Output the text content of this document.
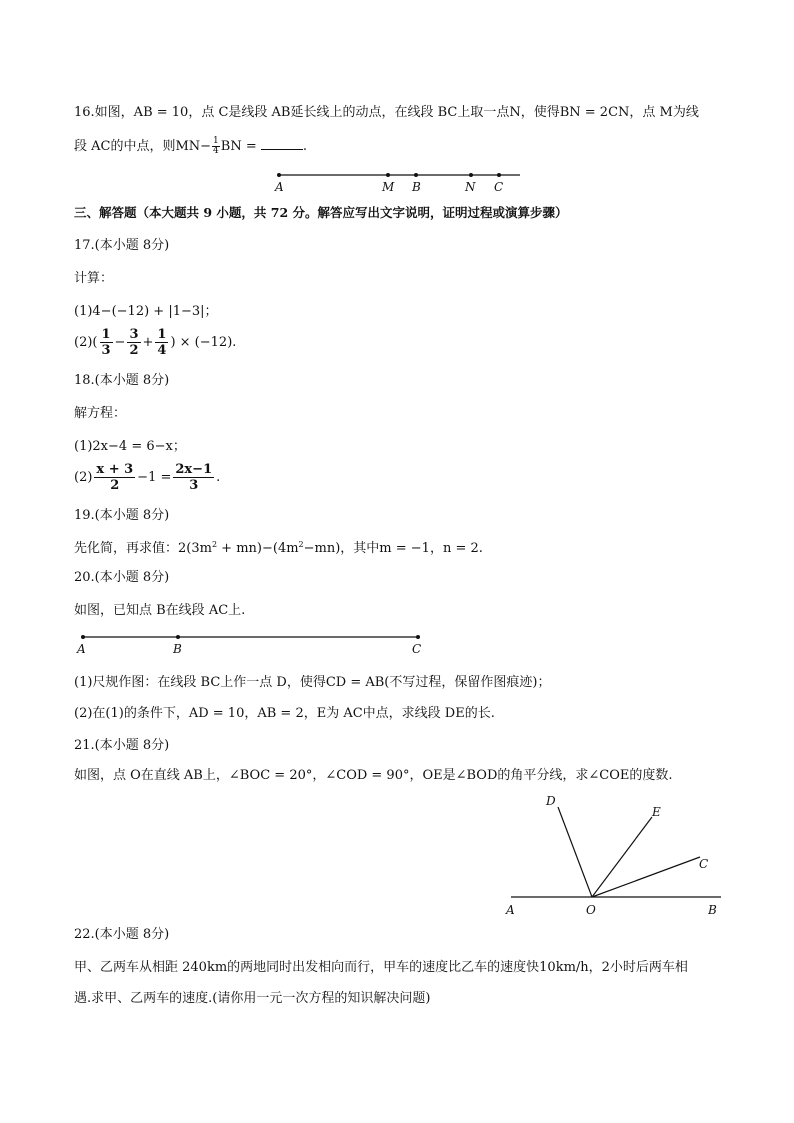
16.如图，AB = 10，点 C是线段 AB延长线上的动点，在线段 BC上取一点N，使得BN = 2CN，点 M为线
段 AC的中点，则$MN- \frac{1}{4}$ BN =	.
A	M B	N C
三、解答题（本大题共 9 小题，共 72 分。解答应写出文字说明，证明过程或演算步骤）
17.(本小题 8分)
计算：
(1)4−(−12) + |1−3|；
$(2)( \frac{1}{3} - \frac{3}{2} + \frac{1}{4}$ ) × (−12).
18.(本小题 8分)
解方程：
(1)2x−4 = 6−x；
$(2) \frac{x + 3}{2} -1 = \frac{2x-1}{3}$ .
19.(本小题 8分)
先化简，再求值：$2(3m^2 + mn)-(4m^2-mn)$，其中m = −1，n = 2.
20.(本小题 8分)
如图，已知点 B在线段 AC上.
A	B	C
(1)尺规作图：在线段 BC上作一点 D，使得CD = AB(不写过程，保留作图痕迹)；
(2)在(1)的条件下，AD = 10，AB = 2，E为 AC中点，求线段 DE的长.
21.(本小题 8分)
如图，点 O在直线 AB上，∠BOC = 20°，∠COD = 90°，OE是∠BOD的角平分线，求∠COE的度数.
D
E
C
A	O	B
22.(本小题 8分)
甲、乙两车从相距 240km的两地同时出发相向而行，甲车的速度比乙车的速度快10km/h，2小时后两车相
遇.求甲、乙两车的速度.(请你用一元一次方程的知识解决问题)
